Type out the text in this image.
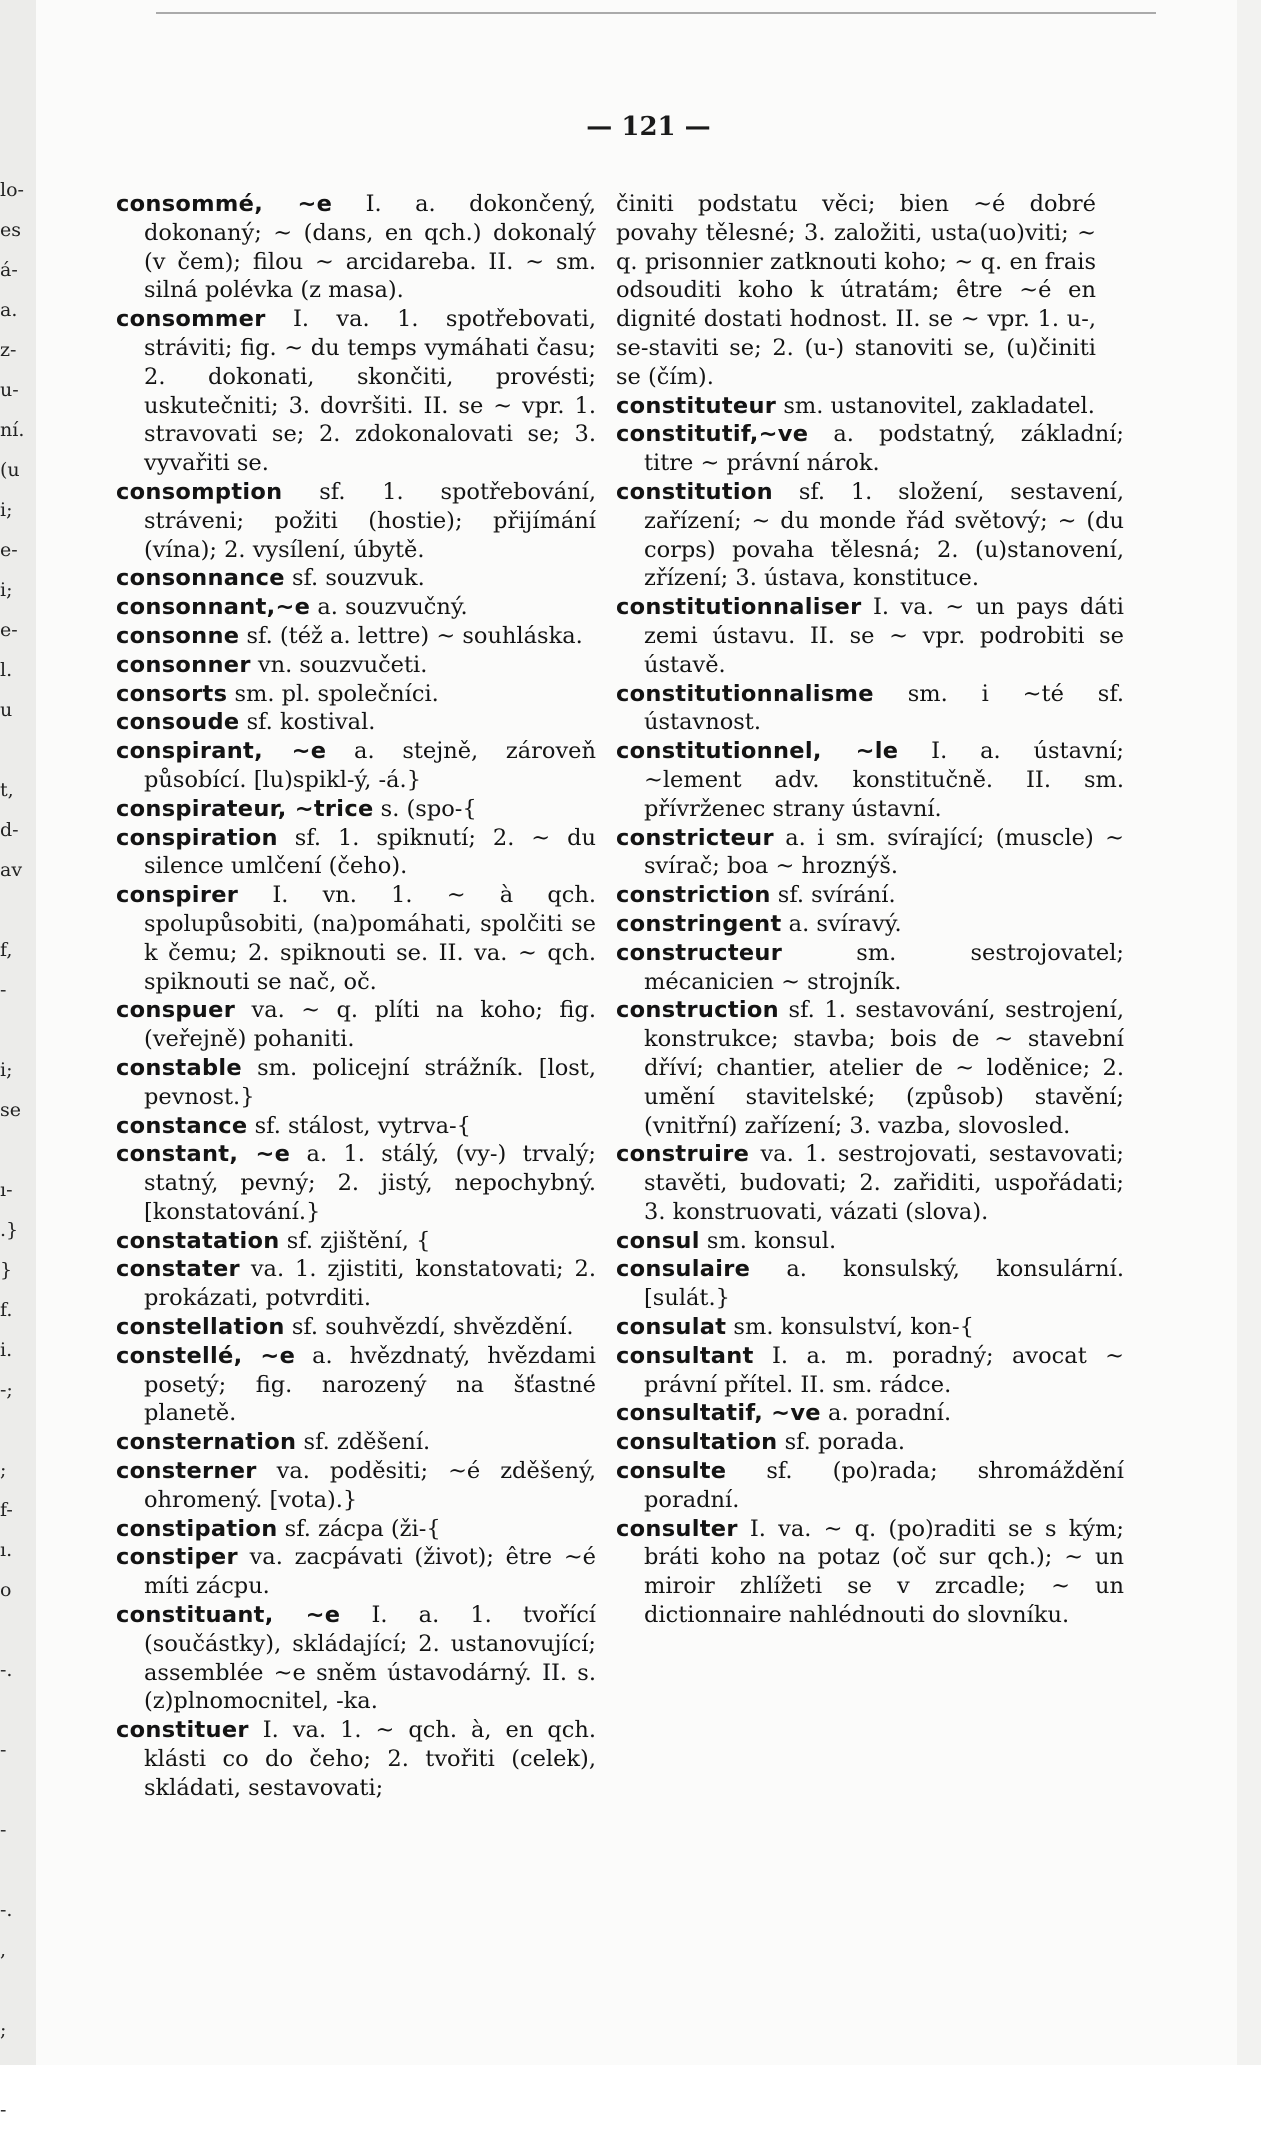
lo-
es
á-
a.
z-
u-
ní.
(u
i;
e-
i;
e-
l.
u

t,
d-
av

f,
-

i;
se

ı-
.}
}
f.
i.
-;

;
f-
ı.
o

-.

-

-

-.
,

;

-
— 121 —

consommé, ~e I. a. dokončený, dokonaný; ~ (dans, en qch.) dokonalý (v čem); filou ~ arcidareba. II. ~ sm. silná polévka (z masa).

consommer I. va. 1. spotřebovati, stráviti; fig. ~ du temps vymáhati času; 2. dokonati, skončiti, provésti; uskutečniti; 3. dovršiti. II. se ~ vpr. 1. stravovati se; 2. zdokonalovati se; 3. vyvařiti se.

consomption sf. 1. spotřebování, stráveni; požiti (hostie); přijímání (vína); 2. vysílení, úbytě.

consonnance sf. souzvuk.

consonnant,~e a. souzvučný.

consonne sf. (též a. lettre) ~ souhláska.

consonner vn. souzvučeti.

consorts sm. pl. společníci.

consoude sf. kostival.

conspirant, ~e a. stejně, zároveň působící. [lu)spikl-ý, -á.}

conspirateur, ~trice s. (spo-{

conspiration sf. 1. spiknutí; 2. ~ du silence umlčení (čeho).

conspirer I. vn. 1. ~ à qch. spolupůsobiti, (na)pomáhati, spolčiti se k čemu; 2. spiknouti se. II. va. ~ qch. spiknouti se nač, oč.

conspuer va. ~ q. plíti na koho; fig. (veřejně) pohaniti.

constable sm. policejní strážník. [lost, pevnost.}

constance sf. stálost, vytrva-{

constant, ~e a. 1. stálý, (vy-) trvalý; statný, pevný; 2. jistý, nepochybný. [konstatování.}

constatation sf. zjištění, {

constater va. 1. zjistiti, konstatovati; 2. prokázati, potvrditi.

constellation sf. souhvězdí, shvězdění.

constellé, ~e a. hvězdnatý, hvězdami posetý; fig. narozený na šťastné planetě.

consternation sf. zděšení.

consterner va. poděsiti; ~é zděšený, ohromený. [vota).}

constipation sf. zácpa (ži-{

constiper va. zacpávati (život); être ~é míti zácpu.

constituant, ~e I. a. 1. tvořící (součástky), skládající; 2. ustanovující; assemblée ~e sněm ústavodárný. II. s. (z)plnomocnitel, -ka.

constituer I. va. 1. ~ qch. à, en qch. klásti co do čeho; 2. tvořiti (celek), skládati, sestavovati;

činiti podstatu věci; bien ~é dobré povahy tělesné; 3. založiti, usta(uo)viti; ~ q. prisonnier zatknouti koho; ~ q. en frais odsouditi koho k útratám; être ~é en dignité dostati hodnost. II. se ~ vpr. 1. u-, se-staviti se; 2. (u-) stanoviti se, (u)činiti se (čím).

constituteur sm. ustanovitel, zakladatel.

constitutif,~ve a. podstatný, základní; titre ~ právní nárok.

constitution sf. 1. složení, sestavení, zařízení; ~ du monde řád světový; ~ (du corps) povaha tělesná; 2. (u)stanovení, zřízení; 3. ústava, konstituce.

constitutionnaliser I. va. ~ un pays dáti zemi ústavu. II. se ~ vpr. podrobiti se ústavě.

constitutionnalisme sm. i ~té sf. ústavnost.

constitutionnel, ~le I. a. ústavní; ~lement adv. konstitučně. II. sm. přívrženec strany ústavní.

constricteur a. i sm. svírající; (muscle) ~ svírač; boa ~ hroznýš.

constriction sf. svírání.

constringent a. svíravý.

constructeur sm. sestrojovatel; mécanicien ~ strojník.

construction sf. 1. sestavování, sestrojení, konstrukce; stavba; bois de ~ stavební dříví; chantier, atelier de ~ loděnice; 2. umění stavitelské; (způsob) stavění; (vnitřní) zařízení; 3. vazba, slovosled.

construire va. 1. sestrojovati, sestavovati; stavěti, budovati; 2. zařiditi, uspořádati; 3. konstruovati, vázati (slova).

consul sm. konsul.

consulaire a. konsulský, konsulární. [sulát.}

consulat sm. konsulství, kon-{

consultant I. a. m. poradný; avocat ~ právní přítel. II. sm. rádce.

consultatif, ~ve a. poradní.

consultation sf. porada.

consulte sf. (po)rada; shromáždění poradní.

consulter I. va. ~ q. (po)raditi se s kým; bráti koho na potaz (oč sur qch.); ~ un miroir zhlížeti se v zrcadle; ~ un dictionnaire nahlédnouti do slovníku.
